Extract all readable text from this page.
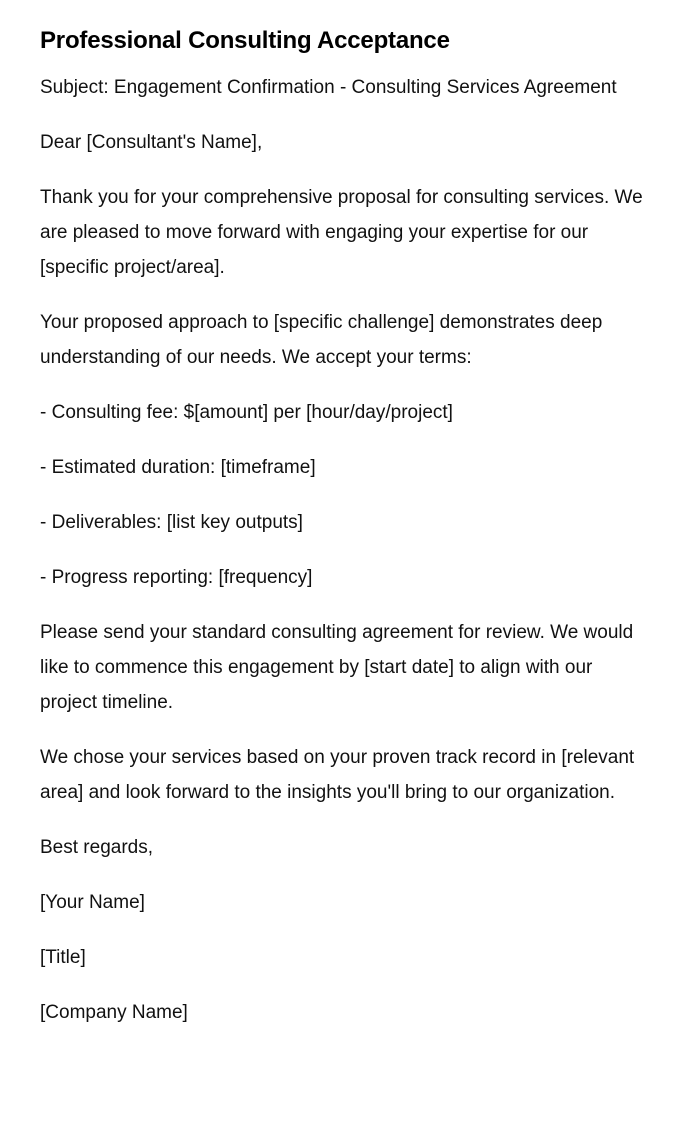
Professional Consulting Acceptance

Subject: Engagement Confirmation - Consulting Services Agreement

Dear [Consultant's Name],

Thank you for your comprehensive proposal for consulting services. We are pleased to move forward with engaging your expertise for our [specific project/area].

Your proposed approach to [specific challenge] demonstrates deep understanding of our needs. We accept your terms:

- Consulting fee: $[amount] per [hour/day/project]

- Estimated duration: [timeframe]

- Deliverables: [list key outputs]

- Progress reporting: [frequency]

Please send your standard consulting agreement for review. We would like to commence this engagement by [start date] to align with our project timeline.

We chose your services based on your proven track record in [relevant area] and look forward to the insights you'll bring to our organization.

Best regards,

[Your Name]

[Title]

[Company Name]
